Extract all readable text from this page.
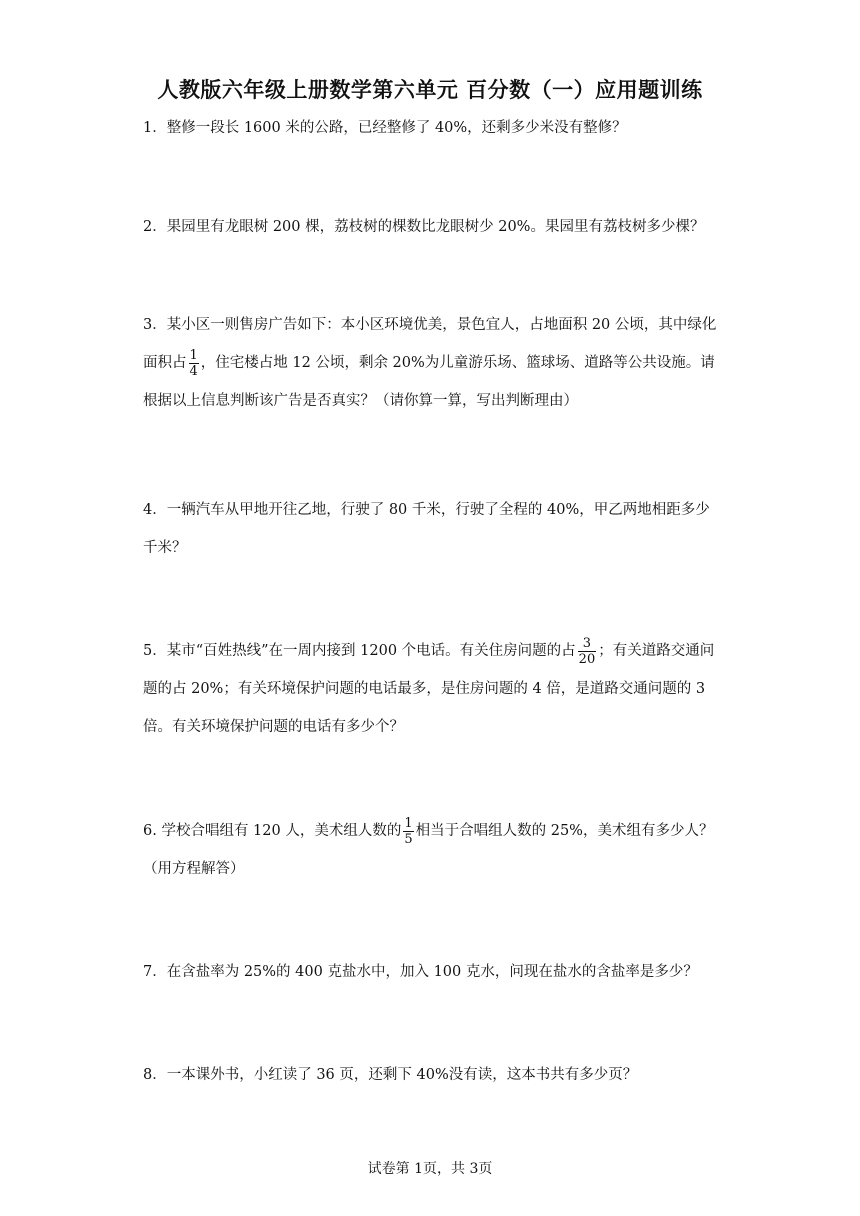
人教版六年级上册数学第六单元 百分数（一）应用题训练
1．整修一段长 1600 米的公路，已经整修了 40%，还剩多少米没有整修？
2．果园里有龙眼树 200 棵，荔枝树的棵数比龙眼树少 20%。果园里有荔枝树多少棵？
3．某小区一则售房广告如下：本小区环境优美，景色宜人，占地面积 20 公顷，其中绿化面积占 $\frac{1}{4}$ ，住宅楼占地 12 公顷，剩余 20%为儿童游乐场、篮球场、道路等公共设施。请根据以上信息判断该广告是否真实？（请你算一算，写出判断理由）
4．一辆汽车从甲地开往乙地，行驶了 80 千米，行驶了全程的 40%，甲乙两地相距多少千米？
5．某市“百姓热线”在一周内接到 1200 个电话。有关住房问题的占 $\frac{3}{20}$ ；有关道路交通问题的占 20%；有关环境保护问题的电话最多，是住房问题的 4 倍，是道路交通问题的 3 倍。有关环境保护问题的电话有多少个？
6. 学校合唱组有 120 人，美术组人数的 $\frac{1}{5}$ 相当于合唱组人数的 25%，美术组有多少人？（用方程解答）
7．在含盐率为 25%的 400 克盐水中，加入 100 克水，问现在盐水的含盐率是多少？
8．一本课外书，小红读了 36 页，还剩下 40%没有读，这本书共有多少页？
试卷第 1页，共 3页
